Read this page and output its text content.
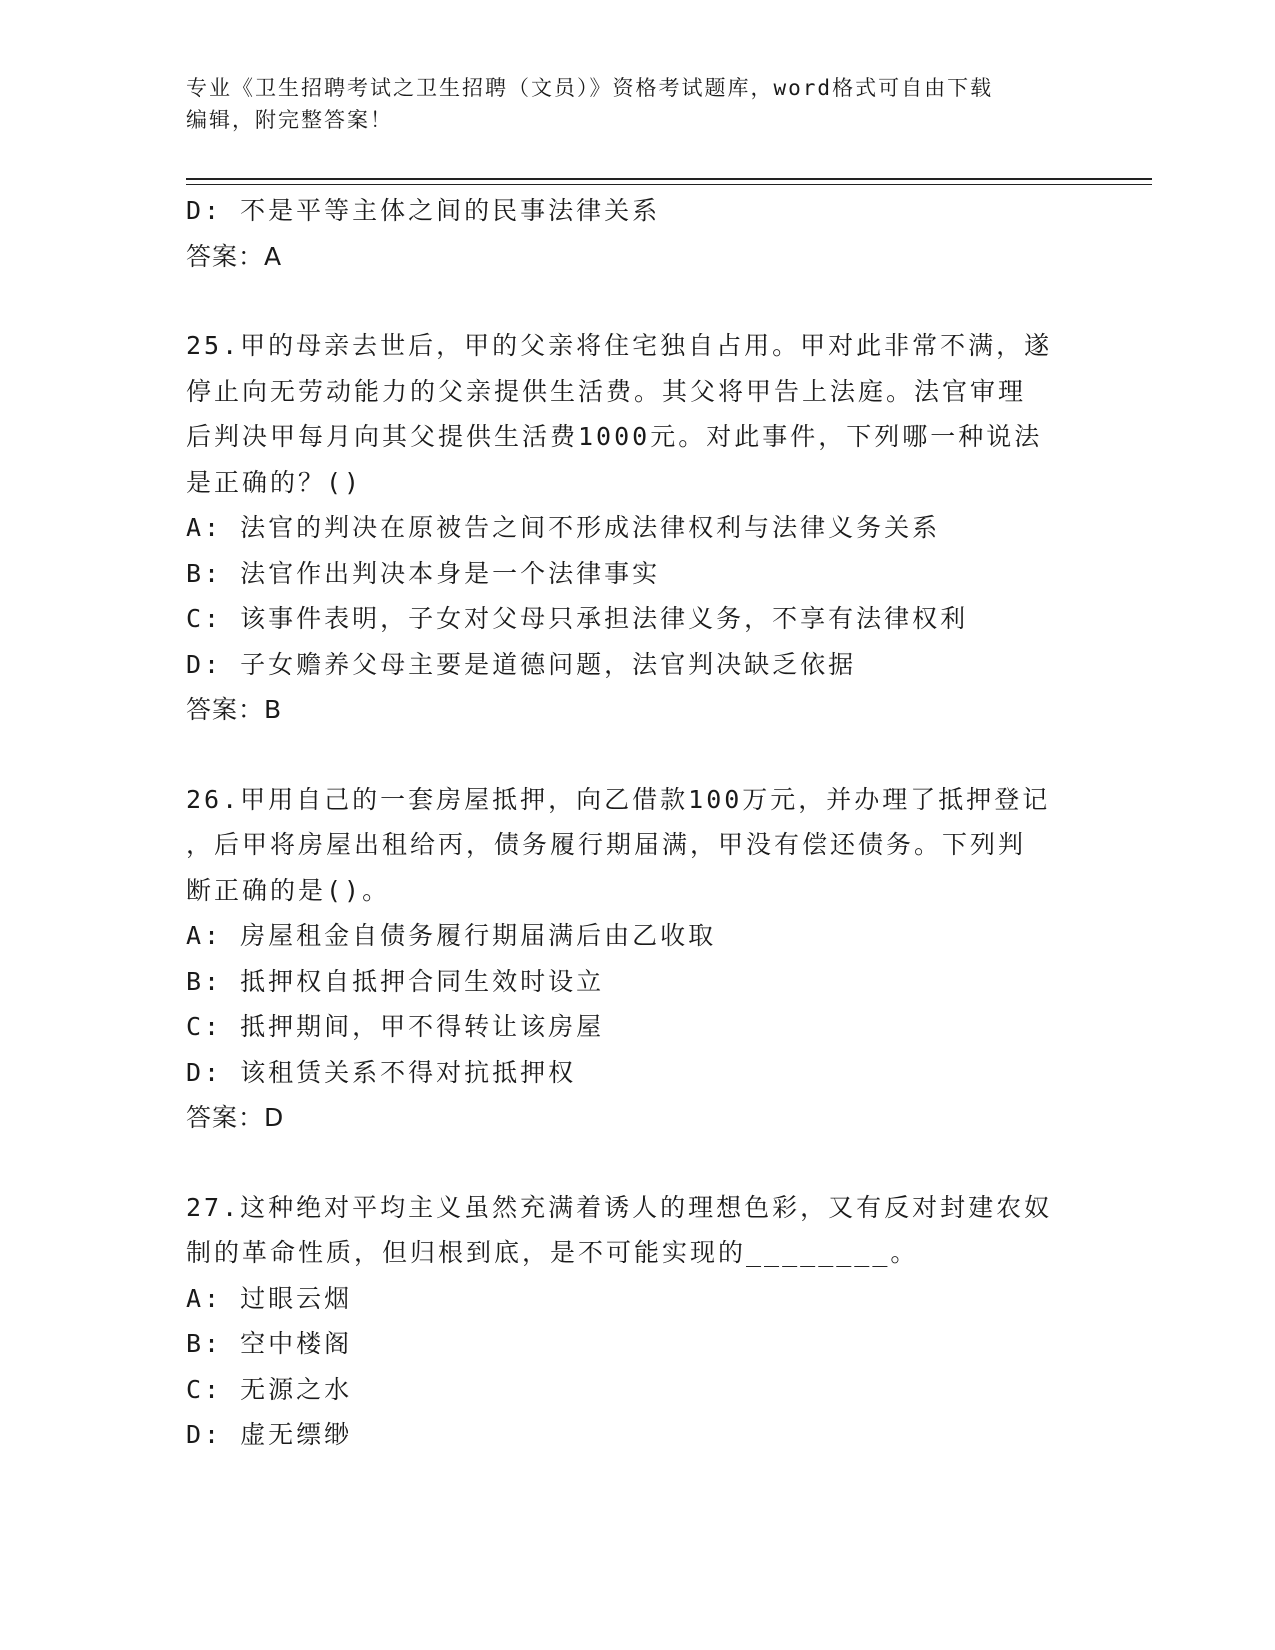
专业《卫生招聘考试之卫生招聘（文员）》资格考试题库，word格式可自由下载
编辑，附完整答案！
D: 不是平等主体之间的民事法律关系
答案：A
25.甲的母亲去世后，甲的父亲将住宅独自占用。甲对此非常不满，遂
停止向无劳动能力的父亲提供生活费。其父将甲告上法庭。法官审理
后判决甲每月向其父提供生活费1000元。对此事件，下列哪一种说法
是正确的？()
A: 法官的判决在原被告之间不形成法律权利与法律义务关系
B: 法官作出判决本身是一个法律事实
C: 该事件表明，子女对父母只承担法律义务，不享有法律权利
D: 子女赡养父母主要是道德问题，法官判决缺乏依据
答案：B
26.甲用自己的一套房屋抵押，向乙借款100万元，并办理了抵押登记
，后甲将房屋出租给丙，债务履行期届满，甲没有偿还债务。下列判
断正确的是()。
A: 房屋租金自债务履行期届满后由乙收取
B: 抵押权自抵押合同生效时设立
C: 抵押期间，甲不得转让该房屋
D: 该租赁关系不得对抗抵押权
答案：D
27.这种绝对平均主义虽然充满着诱人的理想色彩，又有反对封建农奴
制的革命性质，但归根到底，是不可能实现的________。
A: 过眼云烟
B: 空中楼阁
C: 无源之水
D: 虚无缥缈
